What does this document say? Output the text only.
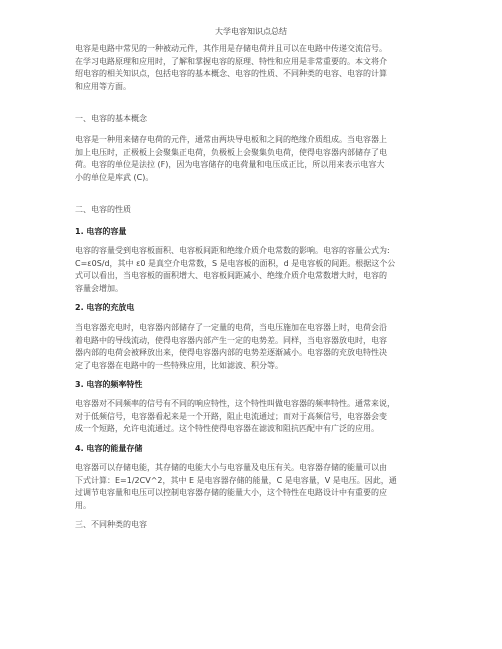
大学电容知识点总结
电容是电路中常见的一种被动元件，其作用是存储电荷并且可以在电路中传递交流信号。
在学习电路原理和应用时，了解和掌握电容的原理、特性和应用是非常重要的。本文将介
绍电容的相关知识点，包括电容的基本概念、电容的性质、不同种类的电容、电容的计算
和应用等方面。
一、电容的基本概念
电容是一种用来储存电荷的元件，通常由两块导电板和之间的绝缘介质组成。当电容器上
加上电压时，正极板上会聚集正电荷，负极板上会聚集负电荷，使得电容器内部储存了电
荷。电容的单位是法拉 (F)，因为电容储存的电荷量和电压成正比，所以用来表示电容大
小的单位是库武 (C)。
二、电容的性质
1. 电容的容量
电容的容量受到电容板面积、电容板间距和绝缘介质介电常数的影响。电容的容量公式为:
C=ε0S/d，其中 ε0 是真空介电常数，S 是电容板的面积，d 是电容板的间距。根据这个公
式可以看出，当电容板的面积增大、电容板间距减小、绝缘介质介电常数增大时，电容的
容量会增加。
2. 电容的充放电
当电容器充电时，电容器内部储存了一定量的电荷，当电压施加在电容器上时，电荷会沿
着电路中的导线流动，使得电容器内部产生一定的电势差。同样，当电容器放电时，电容
器内部的电荷会被释放出来，使得电容器内部的电势差逐渐减小。电容器的充放电特性决
定了电容器在电路中的一些特殊应用，比如滤波、积分等。
3. 电容的频率特性
电容器对不同频率的信号有不同的响应特性，这个特性叫做电容器的频率特性。通常来说，
对于低频信号，电容器看起来是一个开路，阻止电流通过；而对于高频信号，电容器会变
成一个短路，允许电流通过。这个特性使得电容器在滤波和阻抗匹配中有广泛的应用。
4. 电容的能量存储
电容器可以存储电能，其存储的电能大小与电容量及电压有关。电容器存储的能量可以由
下式计算：E=1/2CV^2，其中 E 是电容器存储的能量，C 是电容量，V 是电压。因此，通
过调节电容量和电压可以控制电容器存储的能量大小，这个特性在电路设计中有重要的应
用。
三、不同种类的电容
